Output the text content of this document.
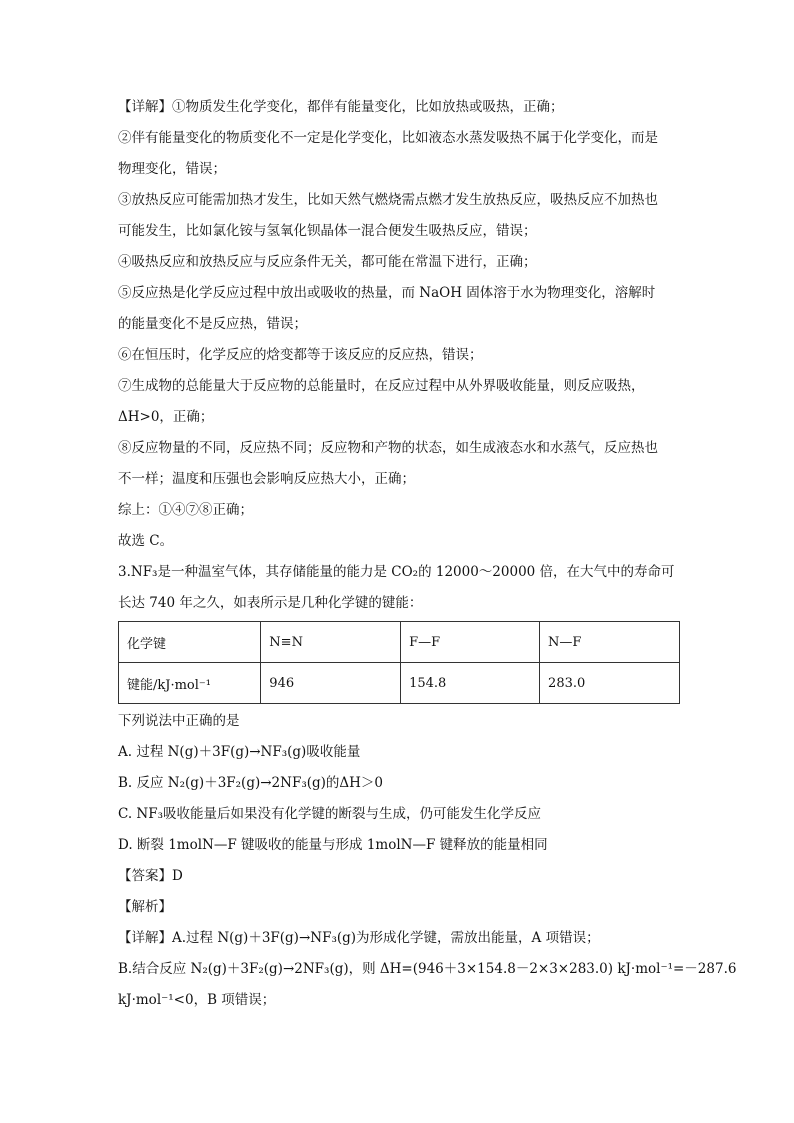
【详解】①物质发生化学变化，都伴有能量变化，比如放热或吸热，正确；
②伴有能量变化的物质变化不一定是化学变化，比如液态水蒸发吸热不属于化学变化，而是
物理变化，错误；
③放热反应可能需加热才发生，比如天然气燃烧需点燃才发生放热反应，吸热反应不加热也
可能发生，比如氯化铵与氢氧化钡晶体一混合便发生吸热反应，错误；
④吸热反应和放热反应与反应条件无关，都可能在常温下进行，正确；
⑤反应热是化学反应过程中放出或吸收的热量，而 NaOH 固体溶于水为物理变化，溶解时
的能量变化不是反应热，错误；
⑥在恒压时，化学反应的焓变都等于该反应的反应热，错误；
⑦生成物的总能量大于反应物的总能量时，在反应过程中从外界吸收能量，则反应吸热，
ΔH>0，正确；
⑧反应物量的不同，反应热不同；反应物和产物的状态，如生成液态水和水蒸气，反应热也
不一样；温度和压强也会影响反应热大小，正确；
综上：①④⑦⑧正确；
故选 C。
3.NF₃是一种温室气体，其存储能量的能力是 CO₂的 12000～20000 倍，在大气中的寿命可
长达 740 年之久，如表所示是几种化学键的键能：
化学键	N≡N	F—F	N—F
键能/kJ·mol⁻¹	946	154.8	283.0
下列说法中正确的是
A. 过程 N(g)＋3F(g)→NF₃(g)吸收能量
B. 反应 N₂(g)＋3F₂(g)→2NF₃(g)的ΔH＞0
C. NF₃吸收能量后如果没有化学键的断裂与生成，仍可能发生化学反应
D. 断裂 1molN—F 键吸收的能量与形成 1molN—F 键释放的能量相同
【答案】D
【解析】
【详解】A.过程 N(g)＋3F(g)→NF₃(g)为形成化学键，需放出能量，A 项错误；
B.结合反应 N₂(g)＋3F₂(g)→2NF₃(g)，则 ΔH=(946＋3×154.8－2×3×283.0) kJ·mol⁻¹=－287.6
kJ·mol⁻¹<0，B 项错误；
